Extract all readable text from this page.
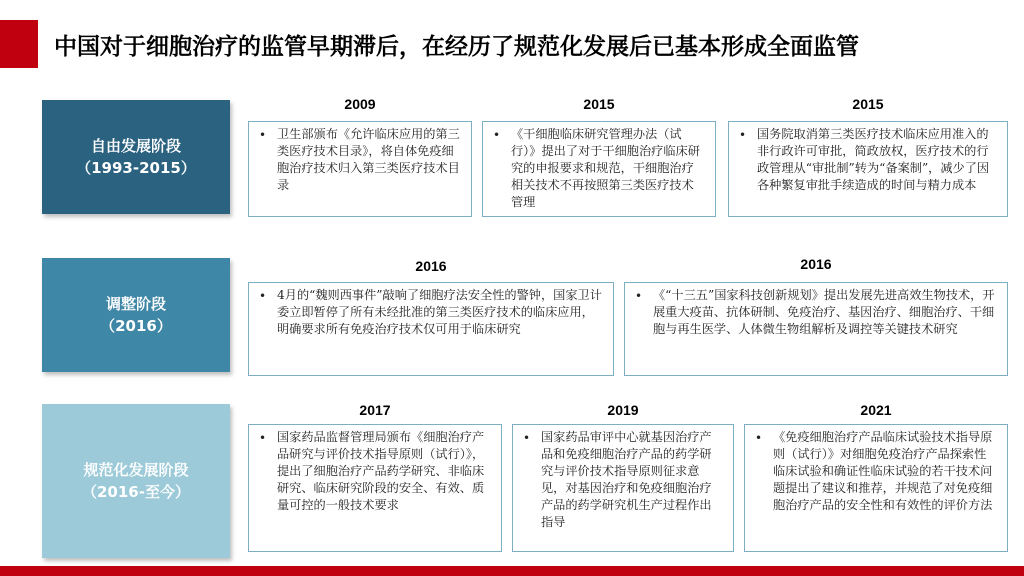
中国对于细胞治疗的监管早期滞后，在经历了规范化发展后已基本形成全面监管
自由发展阶段
（1993-2015）
调整阶段
（2016）
规范化发展阶段
（2016-至今）
2009
• 卫生部颁布《允许临床应用的第三类医疗技术目录》，将自体免疫细胞治疗技术归入第三类医疗技术目录
2015
• 《干细胞临床研究管理办法（试行）》提出了对于干细胞治疗临床研究的申报要求和规范，干细胞治疗相关技术不再按照第三类医疗技术管理
2015
• 国务院取消第三类医疗技术临床应用准入的非行政许可审批，简政放权，医疗技术的行政管理从“审批制”转为“备案制”，减少了因各种繁复审批手续造成的时间与精力成本
2016
• 4月的“魏则西事件”敲响了细胞疗法安全性的警钟，国家卫计委立即暂停了所有未经批准的第三类医疗技术的临床应用，明确要求所有免疫治疗技术仅可用于临床研究
2016
• 《“十三五”国家科技创新规划》提出发展先进高效生物技术，开展重大疫苗、抗体研制、免疫治疗、基因治疗、细胞治疗、干细胞与再生医学、人体微生物组解析及调控等关键技术研究
2017
• 国家药品监督管理局颁布《细胞治疗产品研究与评价技术指导原则（试行）》，提出了细胞治疗产品药学研究、非临床研究、临床研究阶段的安全、有效、质量可控的一般技术要求
2019
• 国家药品审评中心就基因治疗产品和免疫细胞治疗产品的药学研究与评价技术指导原则征求意见，对基因治疗和免疫细胞治疗产品的药学研究机生产过程作出指导
2021
• 《免疫细胞治疗产品临床试验技术指导原则（试行）》对细胞免疫治疗产品探索性临床试验和确证性临床试验的若干技术问题提出了建议和推荐，并规范了对免疫细胞治疗产品的安全性和有效性的评价方法
